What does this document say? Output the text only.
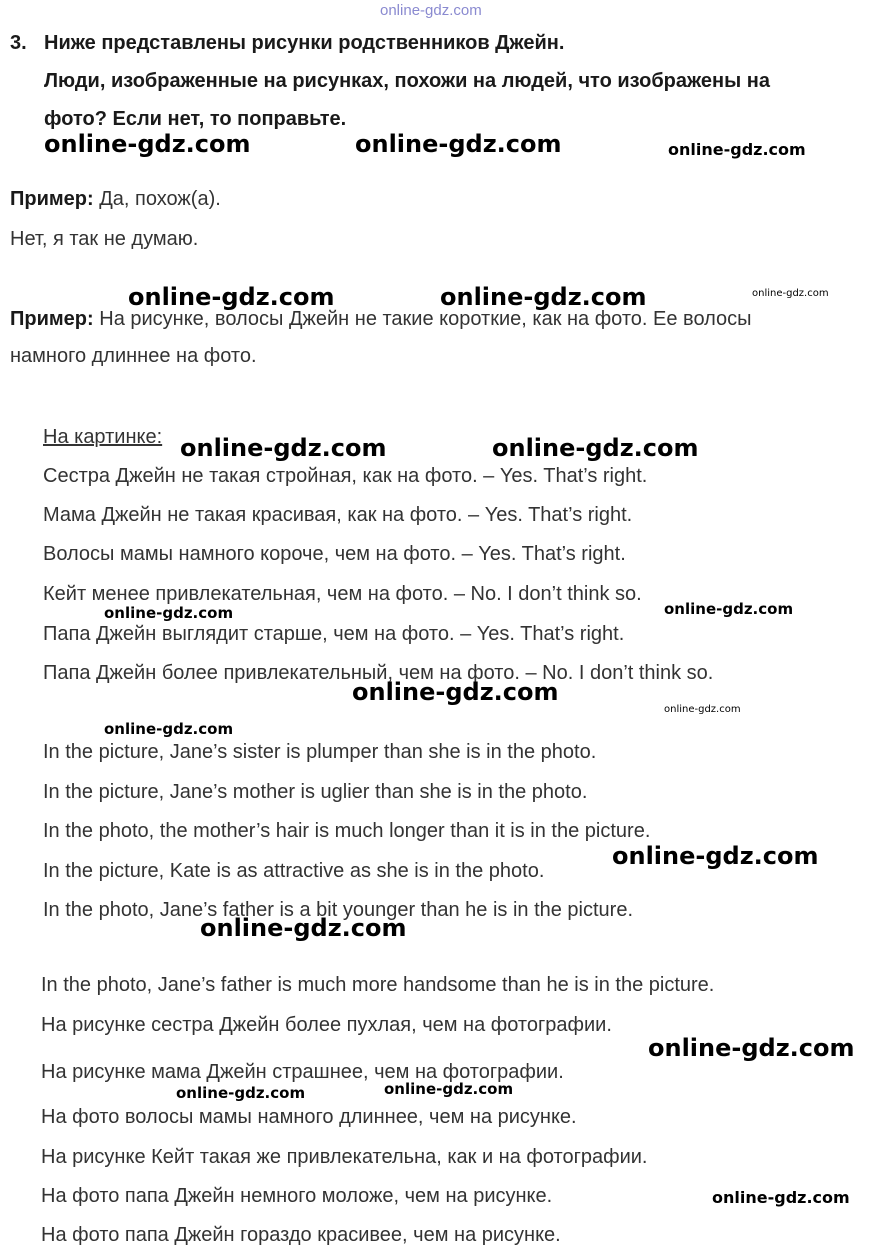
online-gdz.com
3. Ниже представлены рисунки родственников Джейн.
Люди, изображенные на рисунках, похожи на людей, что изображены на
фото? Если нет, то поправьте.
Пример: Да, похож(а).
Нет, я так не думаю.
Пример: На рисунке, волосы Джейн не такие короткие, как на фото. Ее волосы
намного длиннее на фото.
На картинке:
Сестра Джейн не такая стройная, как на фото. – Yes. That’s right.
Мама Джейн не такая красивая, как на фото. – Yes. That’s right.
Волосы мамы намного короче, чем на фото. – Yes. That’s right.
Кейт менее привлекательная, чем на фото. – No. I don’t think so.
Папа Джейн выглядит старше, чем на фото. – Yes. That’s right.
Папа Джейн более привлекательный, чем на фото. – No. I don’t think so.
In the picture, Jane’s sister is plumper than she is in the photo.
In the picture, Jane’s mother is uglier than she is in the photo.
In the photo, the mother’s hair is much longer than it is in the picture.
In the picture, Kate is as attractive as she is in the photo.
In the photo, Jane’s father is a bit younger than he is in the picture.
In the photo, Jane’s father is much more handsome than he is in the picture.
На рисунке сестра Джейн более пухлая, чем на фотографии.
На рисунке мама Джейн страшнее, чем на фотографии.
На фото волосы мамы намного длиннее, чем на рисунке.
На рисунке Кейт такая же привлекательна, как и на фотографии.
На фото папа Джейн немного моложе, чем на рисунке.
На фото папа Джейн гораздо красивее, чем на рисунке.
online-gdz.com	online-gdz.com	online-gdz.com
online-gdz.com	online-gdz.com	online-gdz.com
online-gdz.com	online-gdz.com
online-gdz.com	online-gdz.com
online-gdz.com
online-gdz.com
online-gdz.com
online-gdz.com
online-gdz.com
online-gdz.com
online-gdz.com	online-gdz.com
online-gdz.com
